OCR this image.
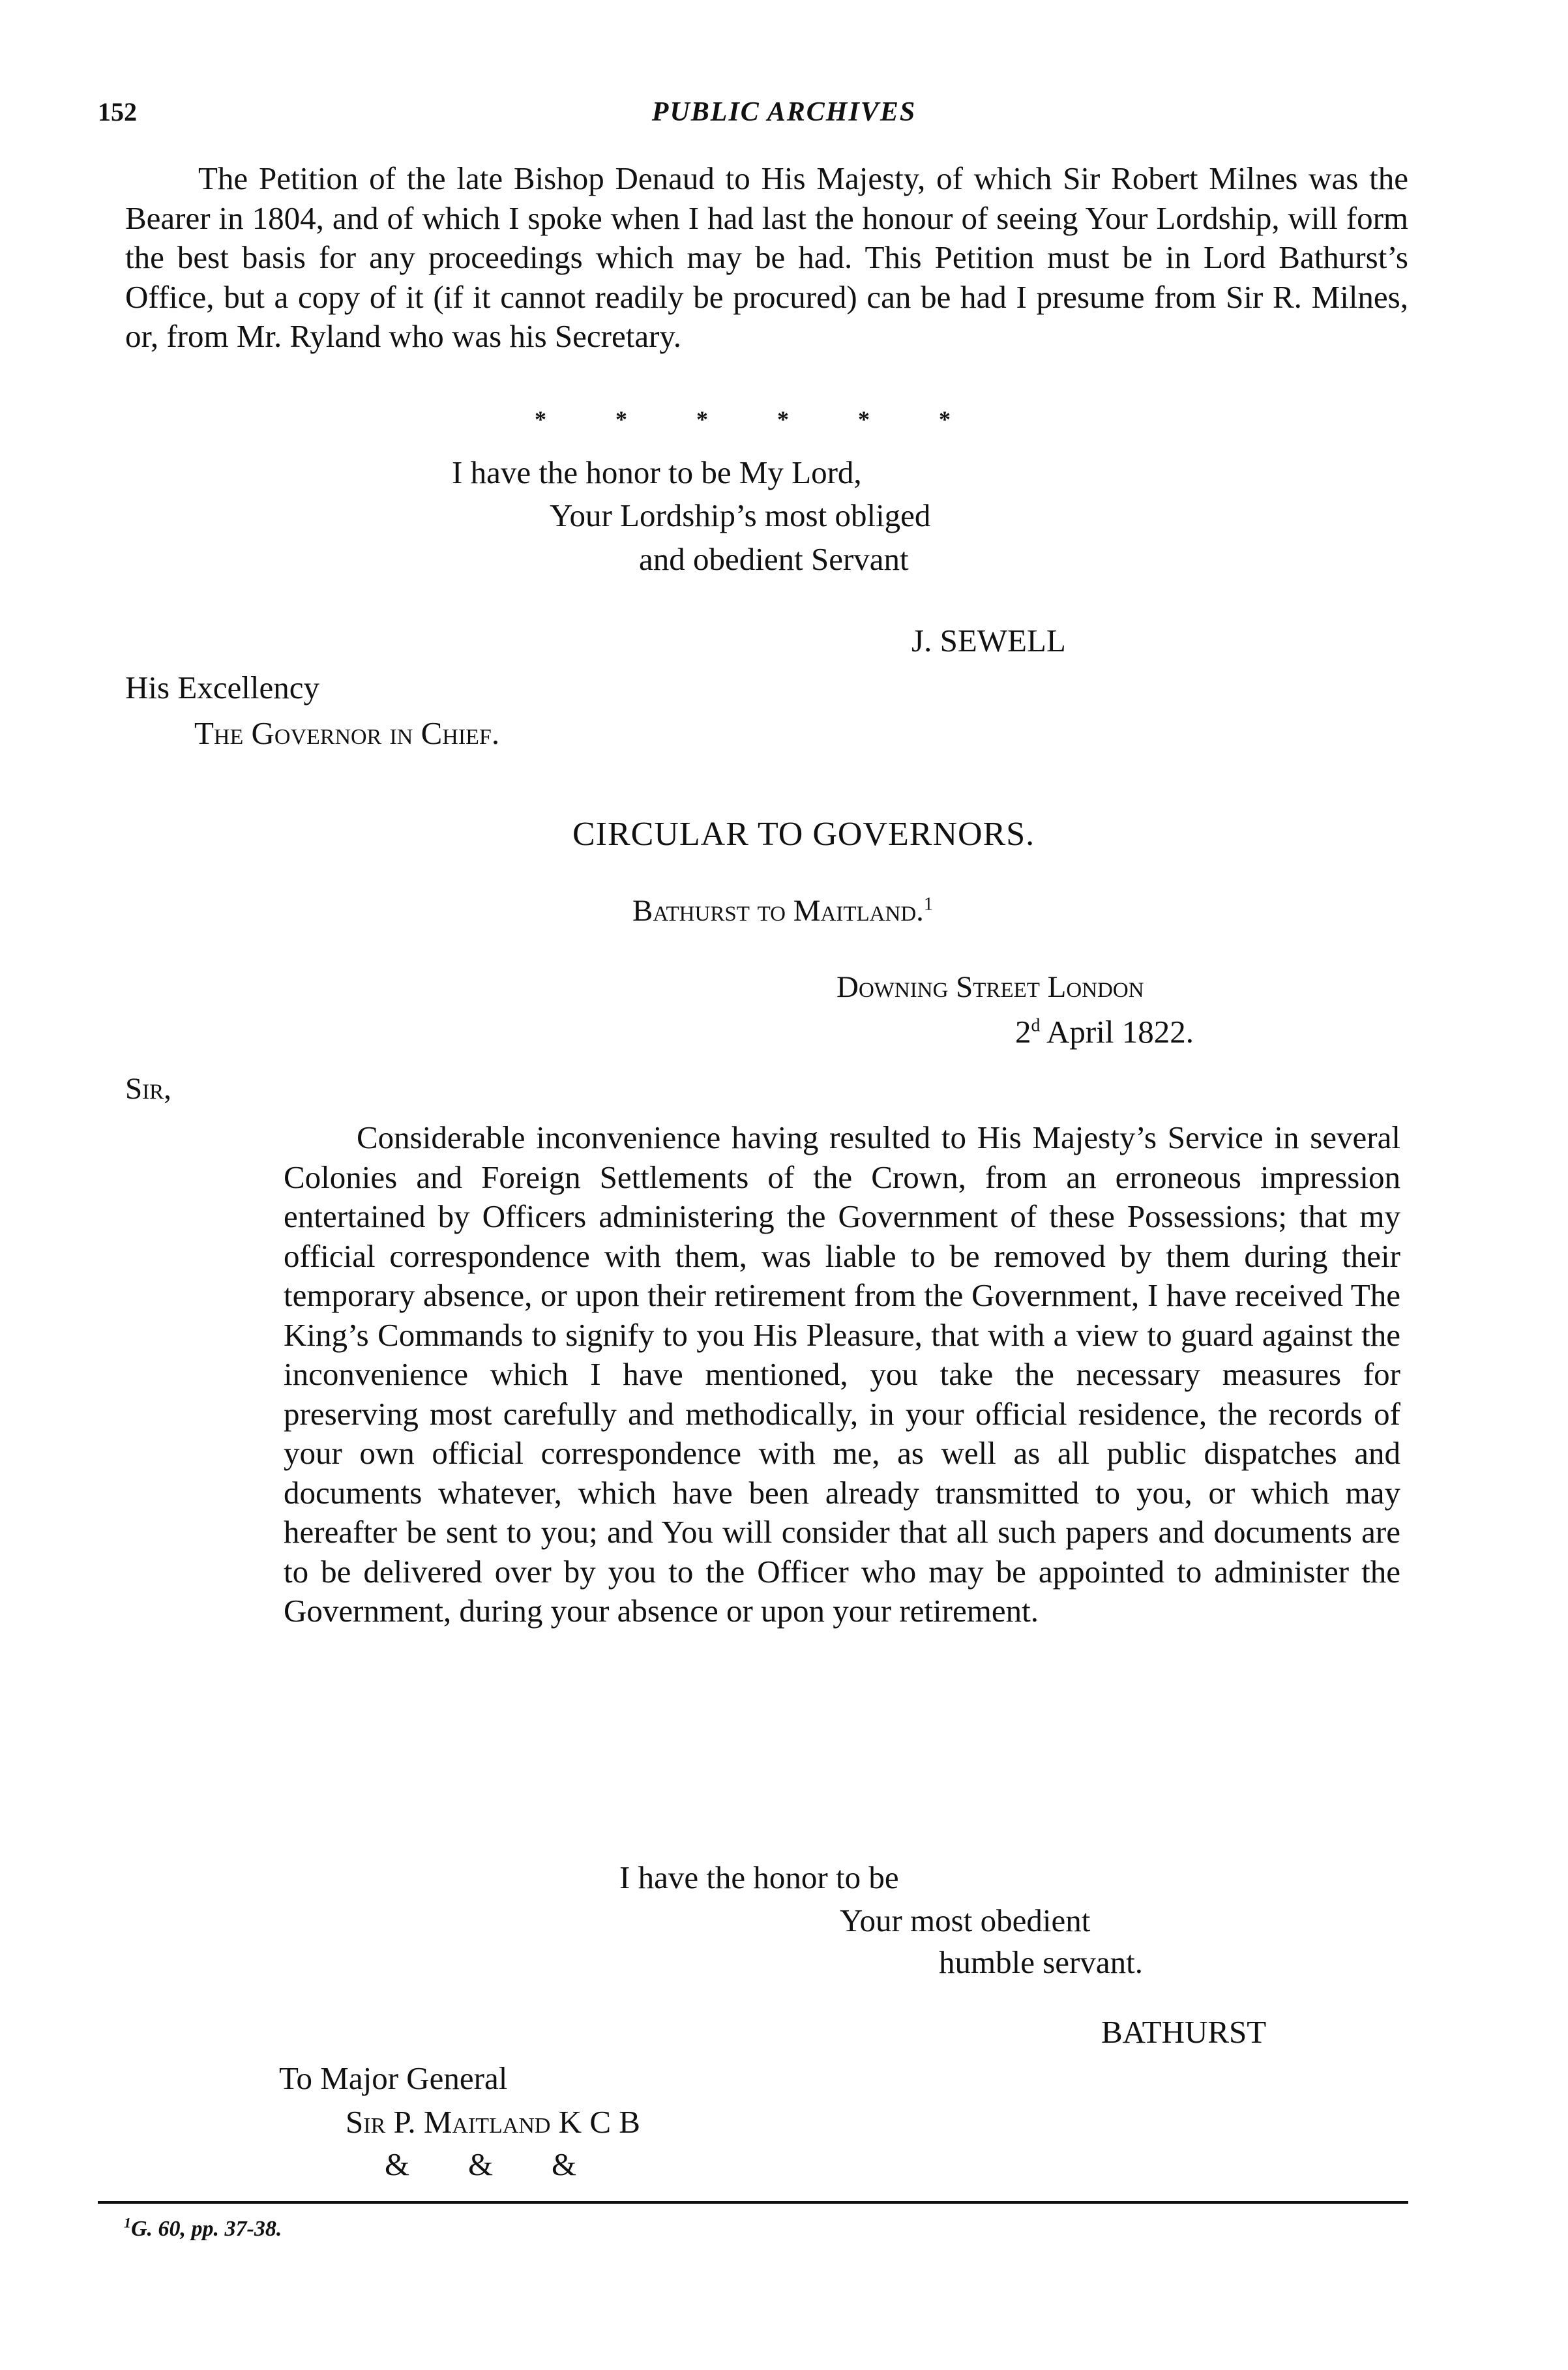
152	PUBLIC ARCHIVES

The Petition of the late Bishop Denaud to His Majesty, of which Sir Robert Milnes was the Bearer in 1804, and of which I spoke when I had last the honour of seeing Your Lordship, will form the best basis for any proceedings which may be had. This Petition must be in Lord Bathurst’s Office, but a copy of it (if it cannot readily be procured) can be had I presume from Sir R. Milnes, or, from Mr. Ryland who was his Secretary.

*	*	*	*	*	*
I have the honor to be My Lord,
Your Lordship’s most obliged
and obedient Servant
J. SEWELL
His Excellency
The Governor in Chief.
CIRCULAR TO GOVERNORS.
Bathurst to Maitland.$^1$
Downing Street London
2$^d$ April 1822.
Sir,

Considerable inconvenience having resulted to His Majesty’s Service in several Colonies and Foreign Settlements of the Crown, from an erroneous impression entertained by Officers administering the Government of these Possessions; that my official correspondence with them, was liable to be removed by them during their temporary absence, or upon their retirement from the Government, I have received The King’s Commands to signify to you His Pleasure, that with a view to guard against the inconvenience which I have mentioned, you take the necessary measures for preserving most carefully and methodically, in your official residence, the records of your own official correspondence with me, as well as all public dispatches and documents whatever, which have been already transmitted to you, or which may hereafter be sent to you; and You will consider that all such papers and documents are to be delivered over by you to the Officer who may be appointed to administer the Government, during your absence or upon your retirement.

I have the honor to be
Your most obedient
humble servant.
BATHURST
To Major General
Sir P. Maitland K C B
& & &
$^1$G. 60, pp. 37-38.
